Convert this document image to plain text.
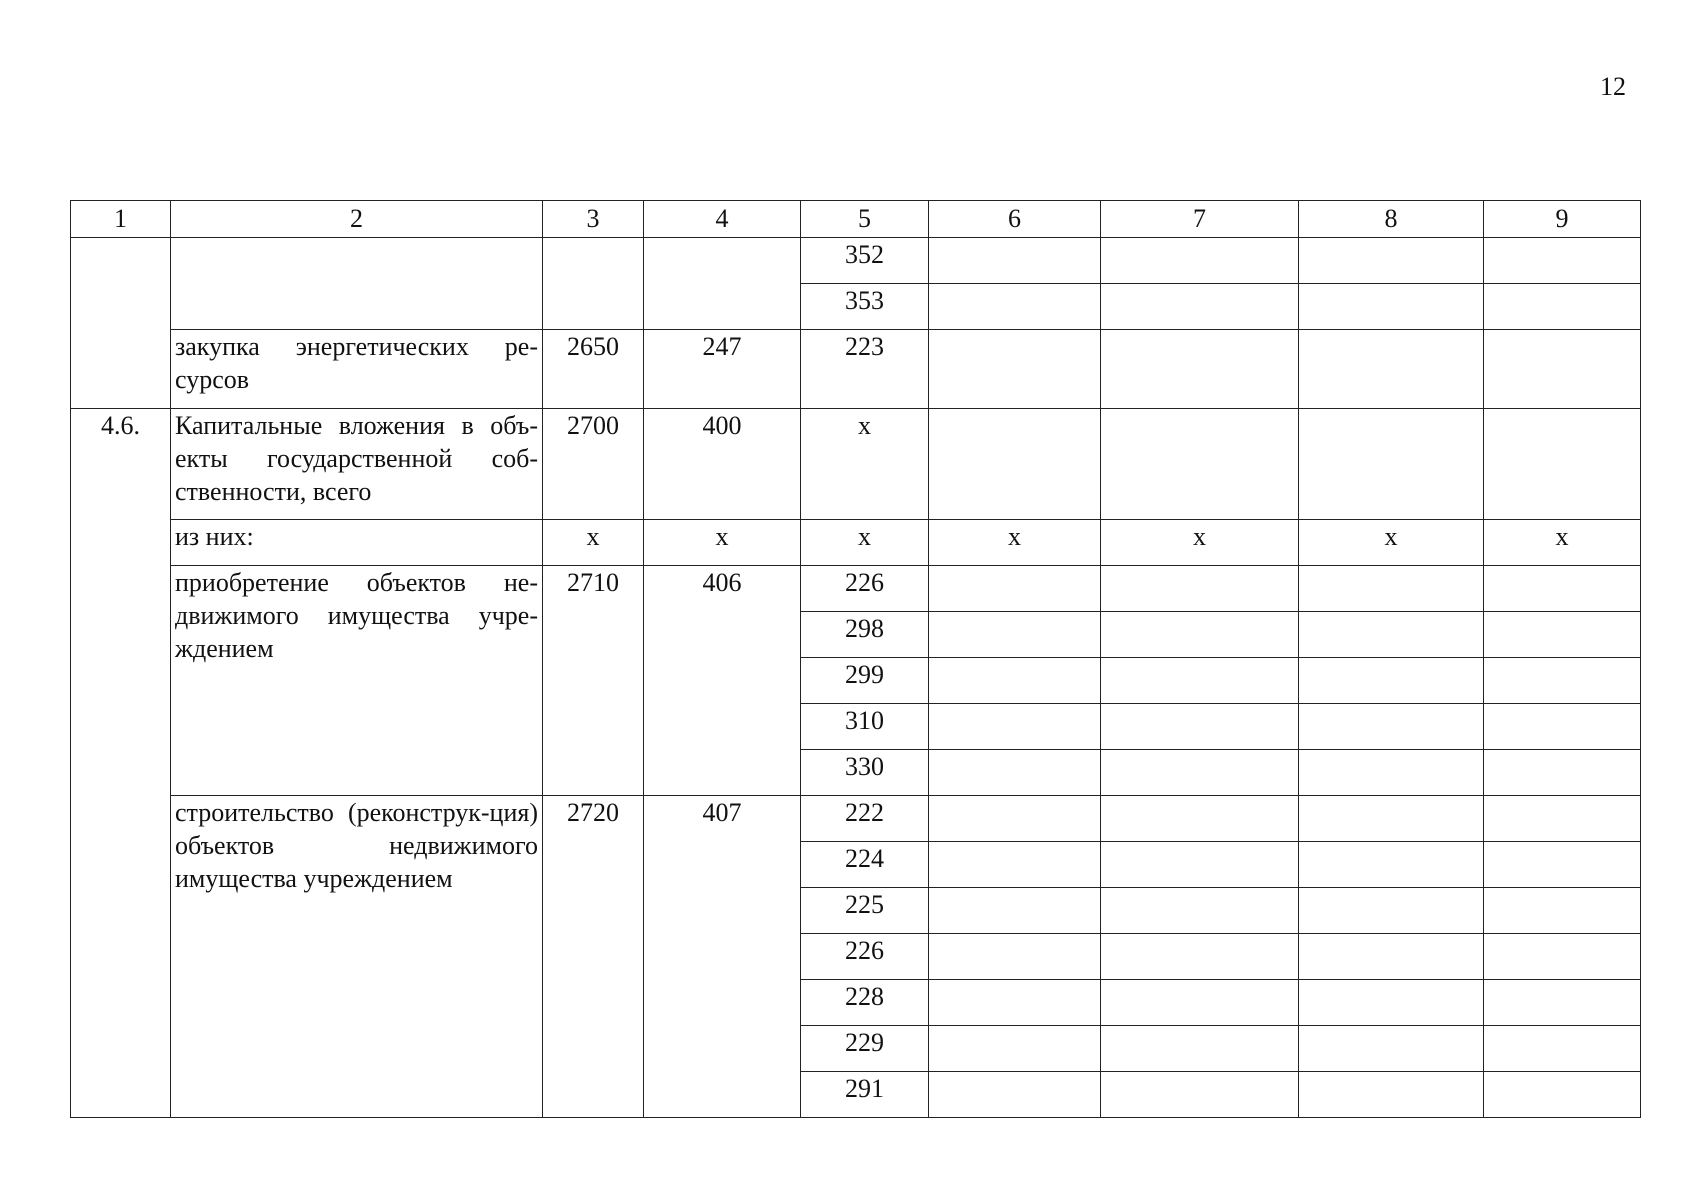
12
1	2	3	4	5	6	7	8	9
				352				
				353				
	закупка энергетических ре-сурсов	2650	247	223				
4.6.	Капитальные вложения в объ-екты государственной соб-ственности, всего	2700	400	х				
	из них:	х	х	х	х	х	х	х
	приобретение объектов не-движимого имущества учре-ждением	2710	406	226				
				298				
				299				
				310				
				330				
	строительство (реконструк-ция) объектов недвижимого имущества учреждением	2720	407	222				
				224				
				225				
				226				
				228				
				229				
				291				
